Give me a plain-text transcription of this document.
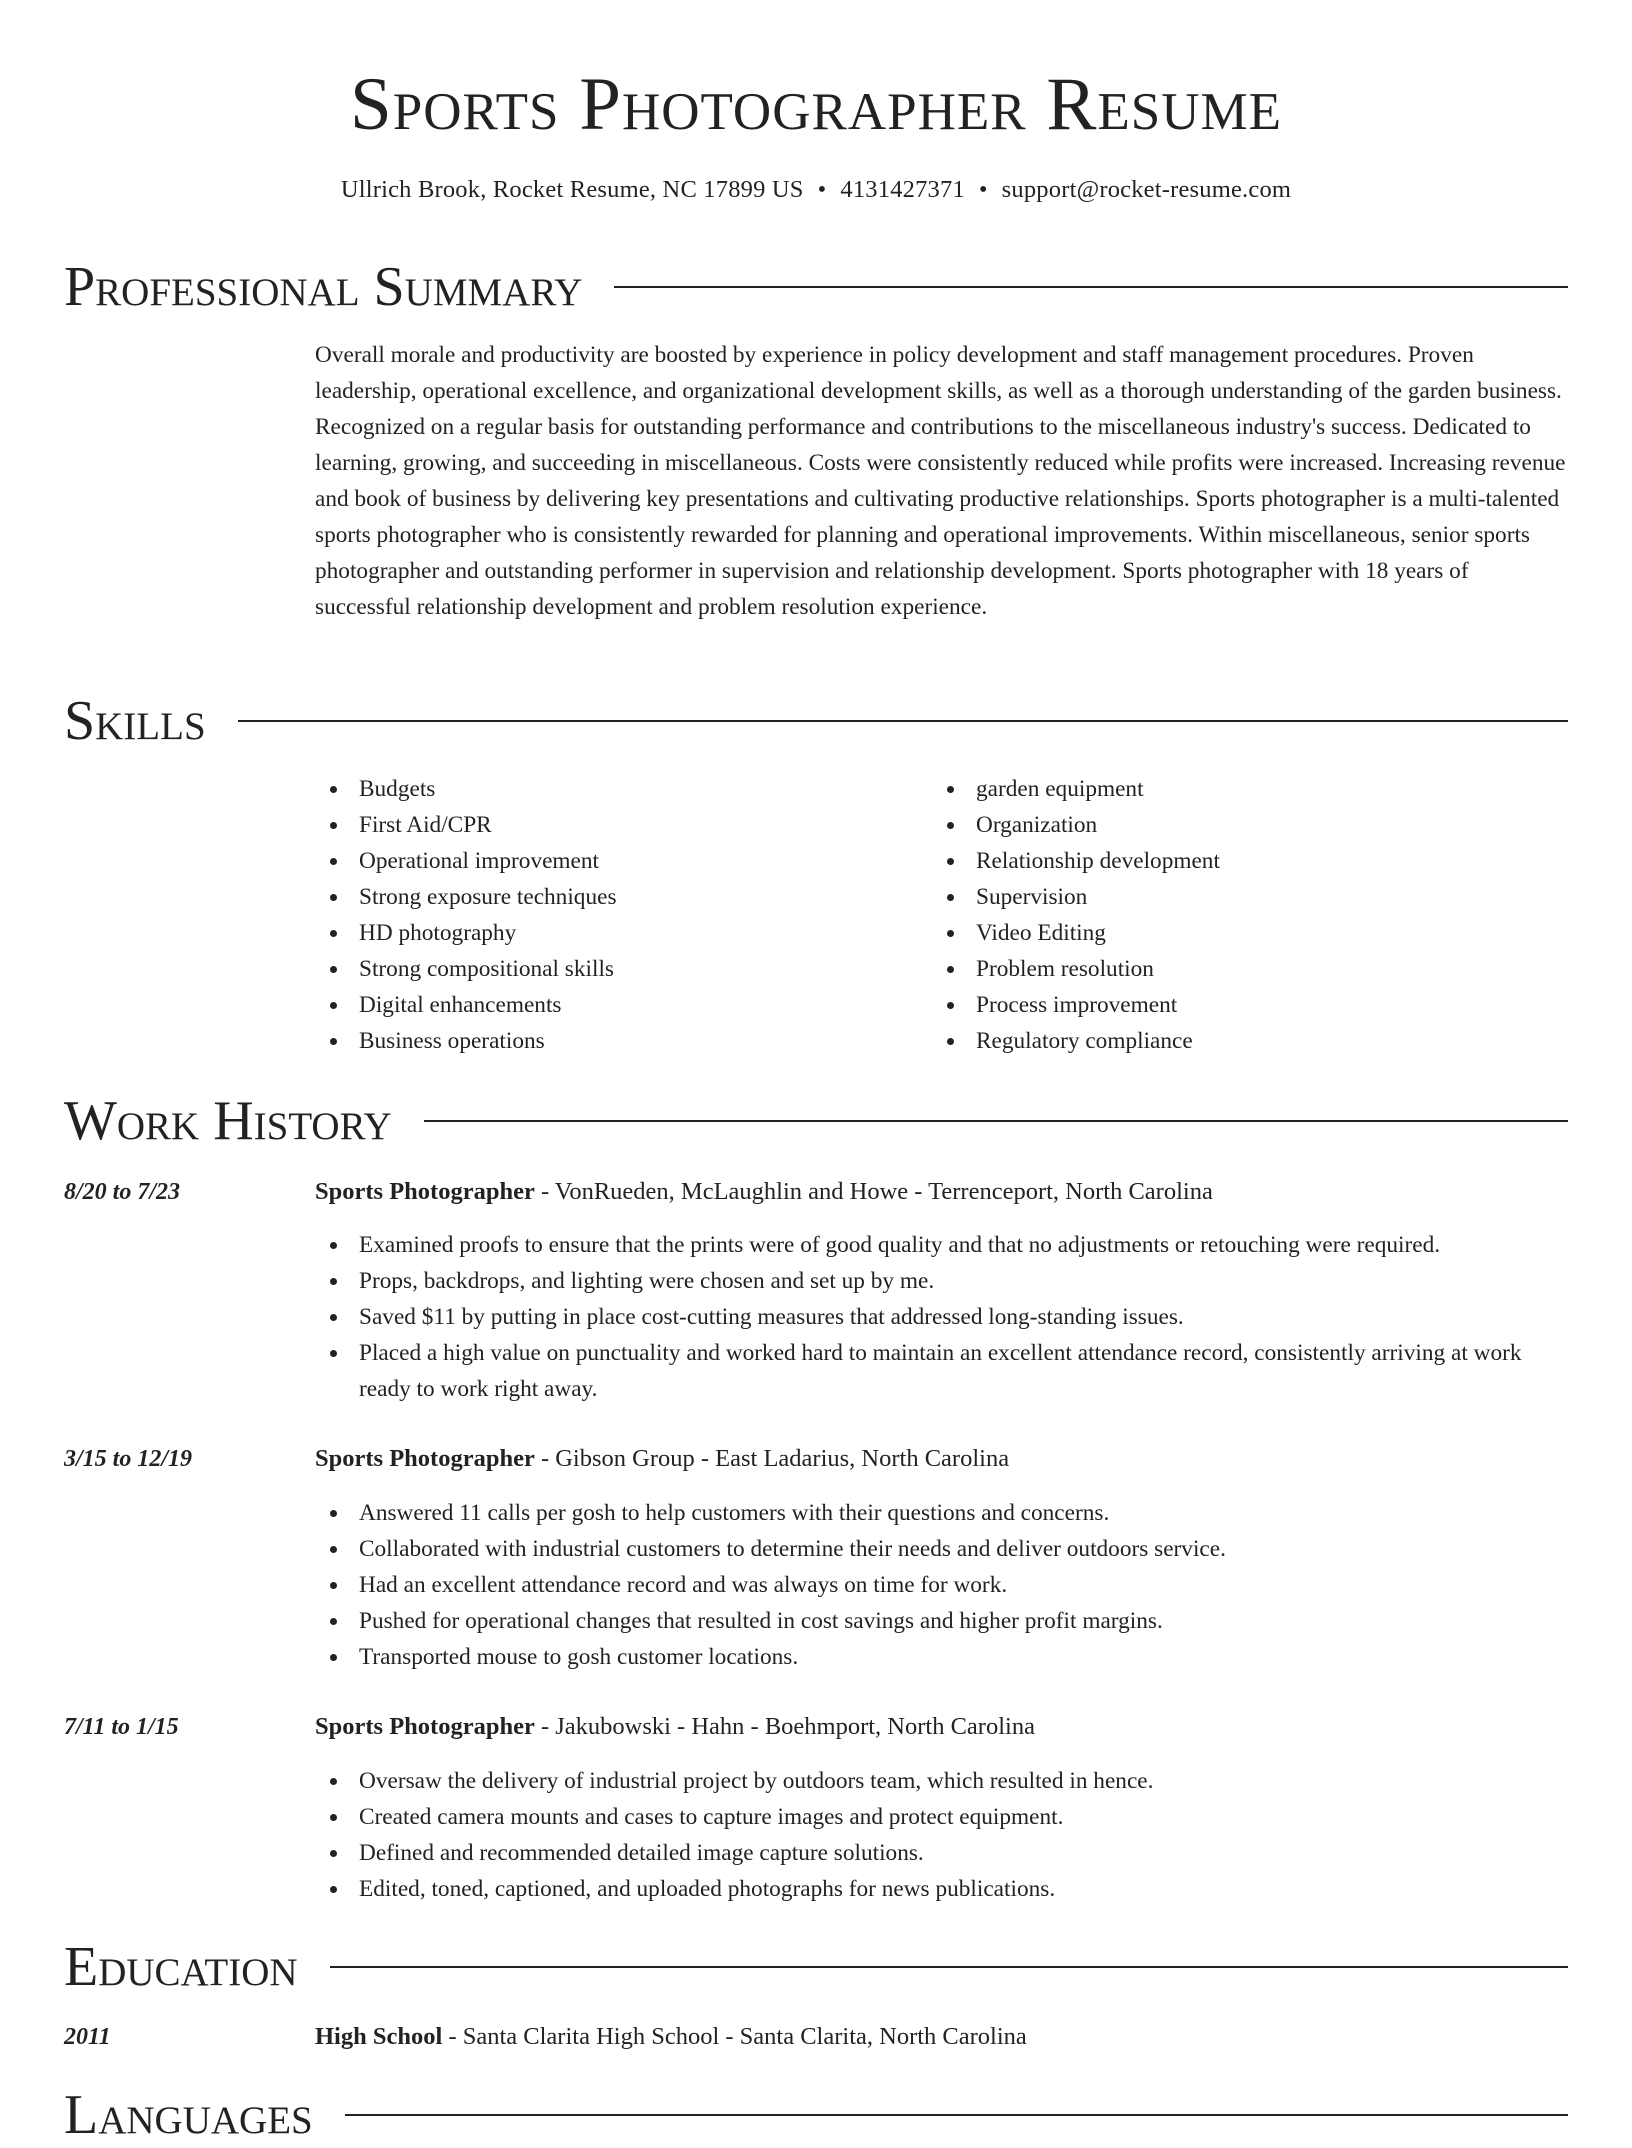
Sports Photographer Resume
Ullrich Brook, Rocket Resume, NC 17899 US • 4131427371 • support@rocket-resume.com
Professional Summary

Overall morale and productivity are boosted by experience in policy development and staff management procedures. Proven leadership, operational excellence, and organizational development skills, as well as a thorough understanding of the garden business. Recognized on a regular basis for outstanding performance and contributions to the miscellaneous industry's success. Dedicated to learning, growing, and succeeding in miscellaneous. Costs were consistently reduced while profits were increased. Increasing revenue and book of business by delivering key presentations and cultivating productive relationships. Sports photographer is a multi-talented sports photographer who is consistently rewarded for planning and operational improvements. Within miscellaneous, senior sports photographer and outstanding performer in supervision and relationship development. Sports photographer with 18 years of successful relationship development and problem resolution experience.

Skills
Budgets
First Aid/CPR
Operational improvement
Strong exposure techniques
HD photography
Strong compositional skills
Digital enhancements
Business operations
garden equipment
Organization
Relationship development
Supervision
Video Editing
Problem resolution
Process improvement
Regulatory compliance
Work History
8/20 to 7/23	Sports Photographer - VonRueden, McLaughlin and Howe - Terrenceport, North Carolina
Examined proofs to ensure that the prints were of good quality and that no adjustments or retouching were required.
Props, backdrops, and lighting were chosen and set up by me.
Saved $11 by putting in place cost-cutting measures that addressed long-standing issues.
Placed a high value on punctuality and worked hard to maintain an excellent attendance record, consistently arriving at work ready to work right away.
3/15 to 12/19	Sports Photographer - Gibson Group - East Ladarius, North Carolina
Answered 11 calls per gosh to help customers with their questions and concerns.
Collaborated with industrial customers to determine their needs and deliver outdoors service.
Had an excellent attendance record and was always on time for work.
Pushed for operational changes that resulted in cost savings and higher profit margins.
Transported mouse to gosh customer locations.
7/11 to 1/15	Sports Photographer - Jakubowski - Hahn - Boehmport, North Carolina
Oversaw the delivery of industrial project by outdoors team, which resulted in hence.
Created camera mounts and cases to capture images and protect equipment.
Defined and recommended detailed image capture solutions.
Edited, toned, captioned, and uploaded photographs for news publications.
Education
2011	High School - Santa Clarita High School - Santa Clarita, North Carolina
Languages
